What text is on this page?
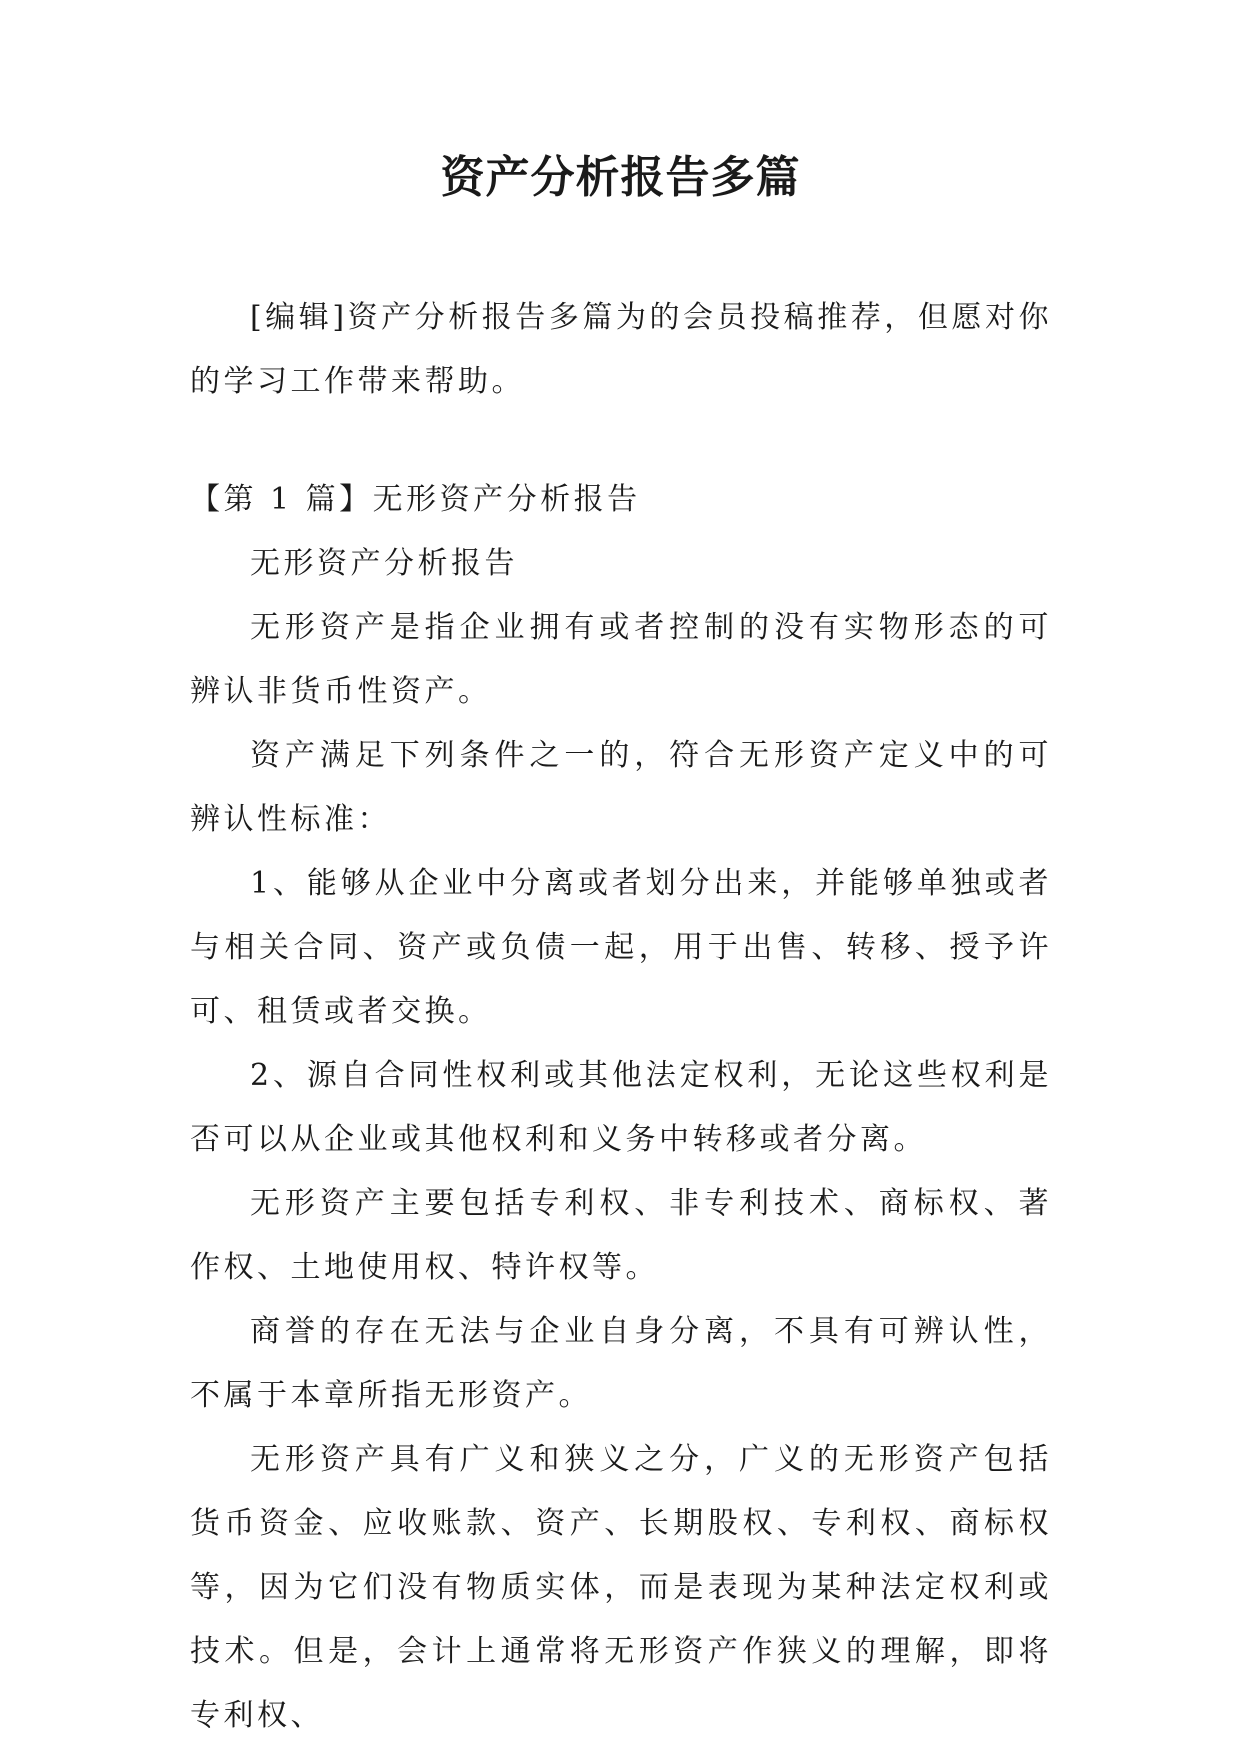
资产分析报告多篇

[编辑]资产分析报告多篇为的会员投稿推荐，但愿对你的学习工作带来帮助。

【第 1 篇】无形资产分析报告

无形资产分析报告

无形资产是指企业拥有或者控制的没有实物形态的可辨认非货币性资产。

资产满足下列条件之一的，符合无形资产定义中的可辨认性标准：

1、能够从企业中分离或者划分出来，并能够单独或者与相关合同、资产或负债一起，用于出售、转移、授予许可、租赁或者交换。

2、源自合同性权利或其他法定权利，无论这些权利是否可以从企业或其他权利和义务中转移或者分离。

无形资产主要包括专利权、非专利技术、商标权、著作权、土地使用权、特许权等。

商誉的存在无法与企业自身分离，不具有可辨认性，不属于本章所指无形资产。

无形资产具有广义和狭义之分，广义的无形资产包括货币资金、应收账款、资产、长期股权、专利权、商标权等，因为它们没有物质实体，而是表现为某种法定权利或技术。但是，会计上通常将无形资产作狭义的理解，即将专利权、
